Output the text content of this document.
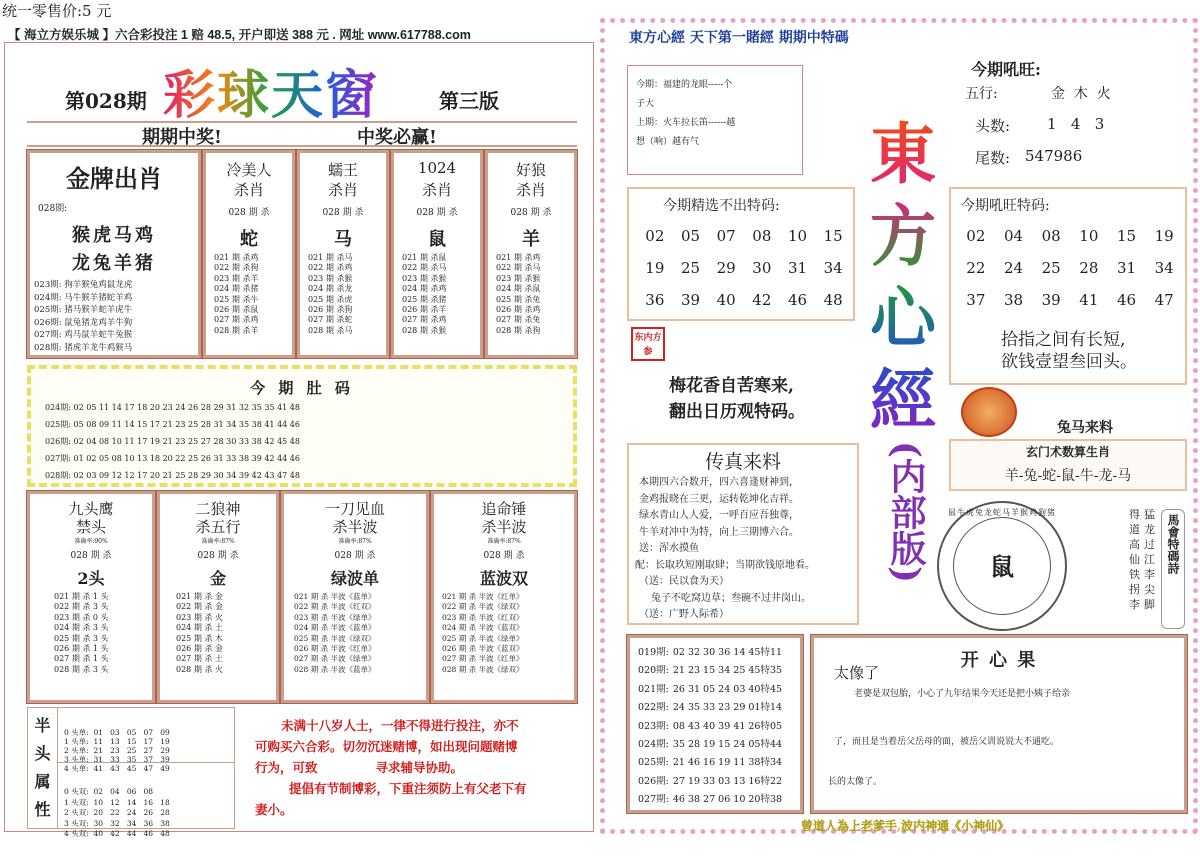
统一零售价:5 元
【 海立方娱乐城 】六合彩投注 1 赔 48.5, 开户即送 388 元 . 网址 www.617788.com
第028期 彩球天窗	第三版
期期中奖!	中奖必赢!
金牌出肖
028期:
猴虎马鸡
龙兔羊猪
023期: 狗羊猴兔鸡鼠龙虎
024期: 马牛猴羊猪蛇羊鸡
025期: 猪马猴羊蛇羊虎牛
026期: 鼠兔猪龙鸡羊牛狗
027期: 鸡马鼠羊蛇牛兔猴
028期: 猪虎羊龙牛鸡猴马
冷美人
杀肖
028 期 杀
蛇
021 期 杀鸡
022 期 杀狗
023 期 杀羊
024 期 杀猪
025 期 杀牛
026 期 杀鼠
027 期 杀鸡
028 期 杀羊
蠕王
杀肖
028 期 杀
马
021 期 杀马
022 期 杀鸡
023 期 杀猴
024 期 杀龙
025 期 杀虎
026 期 杀狗
027 期 杀蛇
028 期 杀马
1024
杀肖
028 期 杀
鼠
021 期 杀鼠
022 期 杀马
023 期 杀猴
024 期 杀鸡
025 期 杀猪
026 期 杀羊
027 期 杀鸡
028 期 杀猴
好狼
杀肖
028 期 杀
羊
021 期 杀鸡
022 期 杀马
023 期 杀猴
024 期 杀鼠
025 期 杀兔
026 期 杀鸡
027 期 杀兔
028 期 杀狗
今 期 肚 码
024期: 02 05 11 14 17 18 20 23 24 26 28 29 31 32 35 35 41 48
025期: 05 08 09 11 14 15 17 21 23 25 28 31 34 35 38 41 44 46
026期: 02 04 08 10 11 17 19 21 23 25 27 28 30 33 38 42 45 48
027期: 01 02 05 08 10 13 18 20 22 25 26 31 33 38 39 42 44 46
028期: 02 03 09 12 12 17 20 21 25 28 29 30 34 39 42 43 47 48
九头鹰
禁头
准确率:90%
028 期 杀
2头
021 期 杀 1 头
022 期 杀 3 头
023 期 杀 0 头
024 期 杀 3 头
025 期 杀 3 头
026 期 杀 1 头
027 期 杀 1 头
028 期 杀 3 头
二狼神
杀五行
准确率:87%
028 期 杀
金
021 期 杀 金
022 期 杀 金
023 期 杀 火
024 期 杀 土
025 期 杀 木
026 期 杀 金
027 期 杀 土
028 期 杀 火
一刀见血
杀半波
准确率:87%
028 期 杀
绿波单
021 期 杀 半波《蓝单》
022 期 杀 半波《红双》
023 期 杀 半波《绿单》
024 期 杀 半波《蓝单》
025 期 杀 半波《绿双》
026 期 杀 半波《红单》
027 期 杀 半波《绿单》
028 期 杀 半波《蓝单》
追命锤
杀半波
准确率:87%
028 期 杀
蓝波双
021 期 杀 半波《红单》
022 期 杀 半波《绿双》
023 期 杀 半波《红双》
024 期 杀 半波《蓝双》
025 期 杀 半波《绿单》
026 期 杀 半波《蓝双》
027 期 杀 半波《红单》
028 期 杀 半波《绿双》
半
头
属
性

0 头单:  01   03   05   07   09
1 头单:  11   13   15   17   19
2 头单:  21   23   25   27   29
3 头单:  31   33   35   37   39
4 头单:  41   43   45   47   49

0 头双:  02   04   06   08
1 头双:  10   12   14   16   18
2 头双:  20   22   24   26   28
3 头双:  30   32   34   36   38
4 头双:  40   42   44   46   48

未满十八岁人士，一律不得进行投注，亦不
可购买六合彩。切勿沉迷赌博，如出现问题赌博
行为，可致	寻求辅导协助。
提倡有节制博彩，下重注须防上有父老下有
妻小。
東方心經 天下第一賭經 期期中特碼
今期：福建的龙眼-----个
子大
上期：火车拉长笛------越
想（响）越有气
今期吼旺:
五行:	金  木  火
头数: 1   4   3
尾数: 547986
東
方
心
經
(内部版)
今期精选不出特码:
02	05	07	08	10	15
19	25	29	30	31	34
36	39	40	42	46	48
东内方参
梅花香自苦寒来,
翻出日历观特码。
今期吼旺特码:
02	04	08	10	15	19
22	24	25	28	31	34
37	38	39	41	46	47
拾指之间有长短,
欲钱壹望叁回头。
兔马来料
玄门术数算生肖
羊-兔-蛇-鼠-牛-龙-马
传真来料
本期四六合数开，四六喜逢财神到，
金鸡报晓在三更，运转乾坤化吉祥。
绿水青山人人爱，一呼百应吾独尊，
牛羊对冲中为特，向上三期博六合。
送：浑水摸鱼
配：长取玖短刚取肆；当期欲钱原地看。
（送：民以食为天）
兔子不吃窝边草；叁碗不过井岗山。
（送：广野人际希）
鼠
鼠牛虎兔龙蛇马羊猴鸡狗猪	猛
龙
过
江
李
尖
脚
得
道
高
仙
铁
拐
李
馬會特碼詩
019期: 02 32 30 36 14 45特11
020期: 21 23 15 34 25 45特35
021期: 26 31 05 24 03 40特45
022期: 24 35 33 23 29 01特14
023期: 08 43 40 39 41 26特05
024期: 35 28 19 15 24 05特44
025期: 21 46 16 19 11 38特34
026期: 27 19 33 03 13 16特22
027期: 46 38 27 06 10 20特38
开 心 果
太像了
老婆是双包胎，小心了九年结果今天还是把小姨子给亲
了，而且是当着岳父岳母的面，被岳父训说说大不通吃。
长的太像了。
曾道人為上老爹手,波内神通《小神仙》
